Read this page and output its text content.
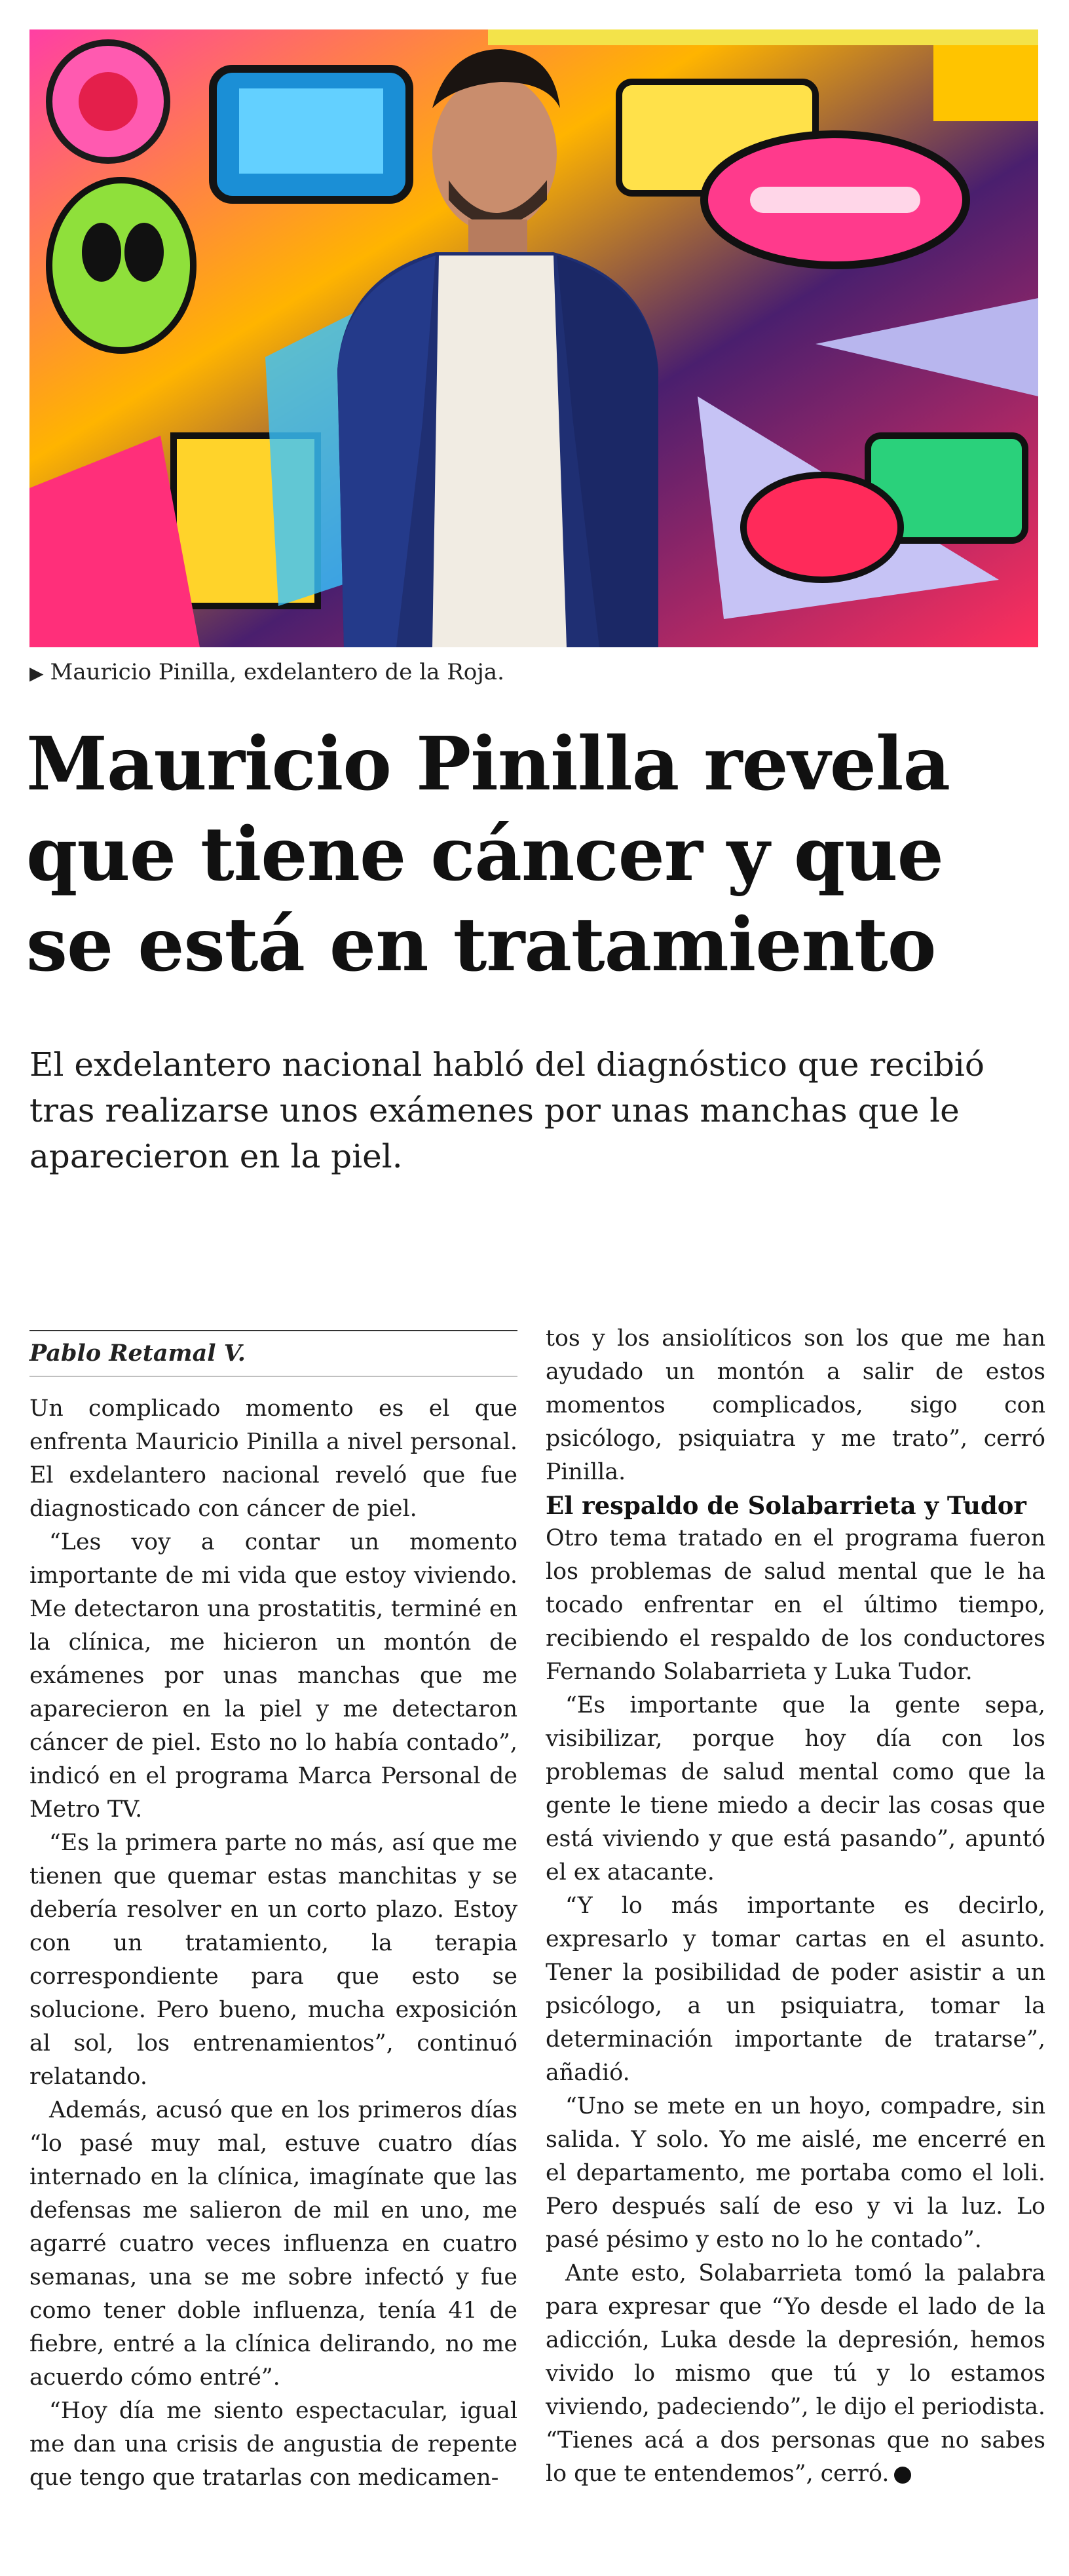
▶ Mauricio Pinilla, exdelantero de la Roja.
Mauricio Pinilla revela
que tiene cáncer y que
se está en tratamiento

El exdelantero nacional habló del diagnóstico que recibió
tras realizarse unos exámenes por unas manchas que le
aparecieron en la piel.

Pablo Retamal V.

Un complicado momento es el que enfrenta Mauricio Pinilla a nivel personal. El exdelantero nacional reveló que fue diagnosticado con cáncer de piel.

“Les voy a contar un momento importante de mi vida que estoy viviendo. Me detectaron una prostatitis, terminé en la clínica, me hicieron un montón de exámenes por unas manchas que me aparecieron en la piel y me detectaron cáncer de piel. Esto no lo había contado”, indicó en el programa Marca Personal de Metro TV.

“Es la primera parte no más, así que me tienen que quemar estas manchitas y se debería resolver en un corto plazo. Estoy con un tratamiento, la terapia correspondiente para que esto se solucione. Pero bueno, mucha exposición al sol, los entrenamientos”, continuó relatando.

Además, acusó que en los primeros días “lo pasé muy mal, estuve cuatro días internado en la clínica, imagínate que las defensas me salieron de mil en uno, me agarré cuatro veces influenza en cuatro semanas, una se me sobre infectó y fue como tener doble influenza, tenía 41 de fiebre, entré a la clínica delirando, no me acuerdo cómo entré”.

“Hoy día me siento espectacular, igual me dan una crisis de angustia de repente que tengo que tratarlas con medicamen-

tos y los ansiolíticos son los que me han ayudado un montón a salir de estos momentos complicados, sigo con psicólogo, psiquiatra y me trato”, cerró Pinilla.

El respaldo de Solabarrieta y Tudor

Otro tema tratado en el programa fueron los problemas de salud mental que le ha tocado enfrentar en el último tiempo, recibiendo el respaldo de los conductores Fernando Solabarrieta y Luka Tudor.

“Es importante que la gente sepa, visibilizar, porque hoy día con los problemas de salud mental como que la gente le tiene miedo a decir las cosas que está viviendo y que está pasando”, apuntó el ex atacante.

“Y lo más importante es decirlo, expresarlo y tomar cartas en el asunto. Tener la posibilidad de poder asistir a un psicólogo, a un psiquiatra, tomar la determinación importante de tratarse”, añadió.

“Uno se mete en un hoyo, compadre, sin salida. Y solo. Yo me aislé, me encerré en el departamento, me portaba como el loli. Pero después salí de eso y vi la luz. Lo pasé pésimo y esto no lo he contado”.

Ante esto, Solabarrieta tomó la palabra para expresar que “Yo desde el lado de la adicción, Luka desde la depresión, hemos vivido lo mismo que tú y lo estamos viviendo, padeciendo”, le dijo el periodista. “Tienes acá a dos personas que no sabes lo que te entendemos”, cerró.
